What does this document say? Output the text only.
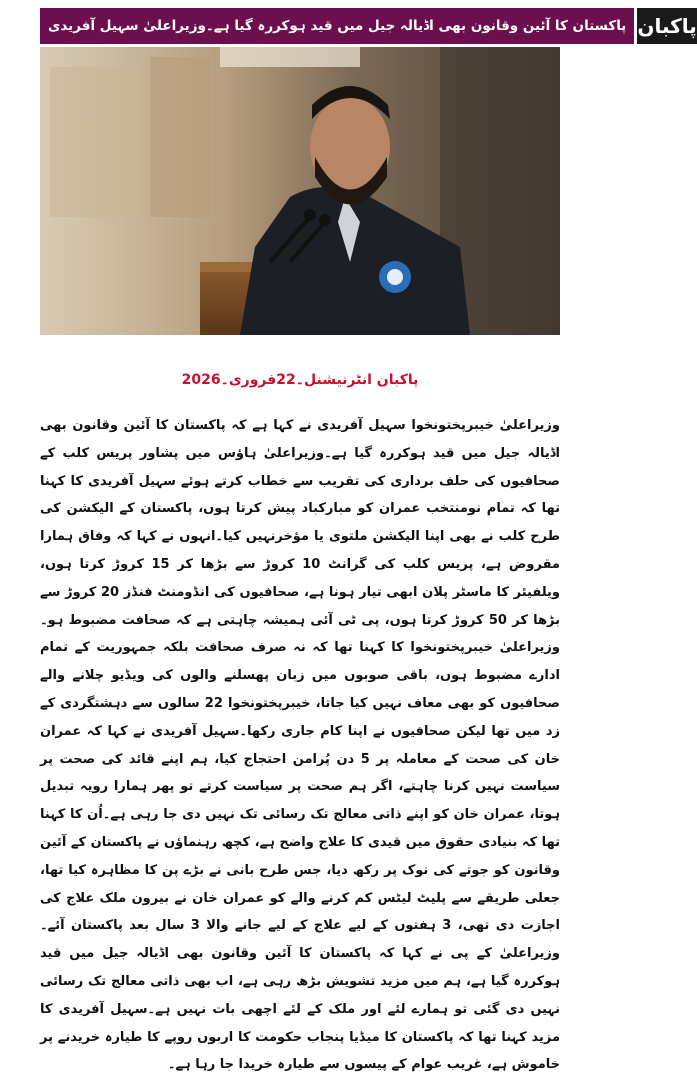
پاکستان کا آئین وقانون بھی اڈیالہ جیل میں قید ہوکررہ گیا ہے۔وزیراعلیٰ سہیل آفریدی پاکبان
پاکبان انٹرنیشنل۔22فروری۔2026
وزیراعلیٰ خیبرپختونخوا سہیل آفریدی نے کہا ہے کہ پاکستان کا آئین وقانون بھی اڈیالہ جیل میں قید ہوکررہ گیا ہے۔وزیراعلیٰ ہاؤس میں پشاور پریس کلب کے صحافیوں کی حلف برداری کی تقریب سے خطاب کرتے ہوئے سہیل آفریدی کا کہنا تھا کہ تمام نومنتخب عمران کو مبارکباد پیش کرتا ہوں، پاکستان کے الیکشن کی طرح کلب نے بھی اپنا الیکشن ملتوی یا مؤخرنہیں کیا۔انہوں نے کہا کہ وفاق ہمارا مقروض ہے، پریس کلب کی گرانٹ 10 کروڑ سے بڑھا کر 15 کروڑ کرتا ہوں، ویلفیئر کا ماسٹر پلان ابھی تیار ہونا ہے، صحافیوں کی انڈومنٹ فنڈز 20 کروڑ سے بڑھا کر 50 کروڑ کرتا ہوں، پی ٹی آئی ہمیشہ چاہتی ہے کہ صحافت مضبوط ہو۔وزیراعلیٰ خیبرپختونخوا کا کہنا تھا کہ نہ صرف صحافت بلکہ جمہوریت کے تمام ادارے مضبوط ہوں، باقی صوبوں میں زبان پھسلنے والوں کی ویڈیو چلانے والے صحافیوں کو بھی معاف نہیں کیا جاتا، خیبرپختونخوا 22 سالوں سے دہشتگردی کے زد میں تھا لیکن صحافیوں نے اپنا کام جاری رکھا۔سہیل آفریدی نے کہا کہ عمران خان کی صحت کے معاملہ پر 5 دن پُرامن احتجاج کیا، ہم اپنے قائد کی صحت پر سیاست نہیں کرنا چاہتے، اگر ہم صحت پر سیاست کرتے تو پھر ہمارا رویہ تبدیل ہوتا، عمران خان کو اپنے ذاتی معالج تک رسائی تک نہیں دی جا رہی ہے۔اُن کا کہنا تھا کہ بنیادی حقوق میں قیدی کا علاج واضح ہے، کچھ رہنماؤں نے پاکستان کے آئین وقانون کو جوتے کی نوک پر رکھ دیا، جس طرح بانی نے بڑے پن کا مظاہرہ کیا تھا، جعلی طریقے سے پلیٹ لیٹس کم کرنے والے کو عمران خان نے بیرون ملک علاج کی اجازت دی تھی، 3 ہفتوں کے لیے علاج کے لیے جانے والا 3 سال بعد پاکستان آئے۔وزیراعلیٰ کے پی نے کہا کہ پاکستان کا آئین وقانون بھی اڈیالہ جیل میں قید ہوکررہ گیا ہے، ہم میں مزید تشویش بڑھ رہی ہے، اب بھی ذاتی معالج تک رسائی نہیں دی گئی تو ہمارے لئے اور ملک کے لئے اچھی بات نہیں ہے۔سہیل آفریدی کا مزید کہنا تھا کہ پاکستان کا میڈیا پنجاب حکومت کا اربوں روپے کا طیارہ خریدنے پر خاموش ہے، غریب عوام کے پیسوں سے طیارہ خریدا جا رہا ہے۔
